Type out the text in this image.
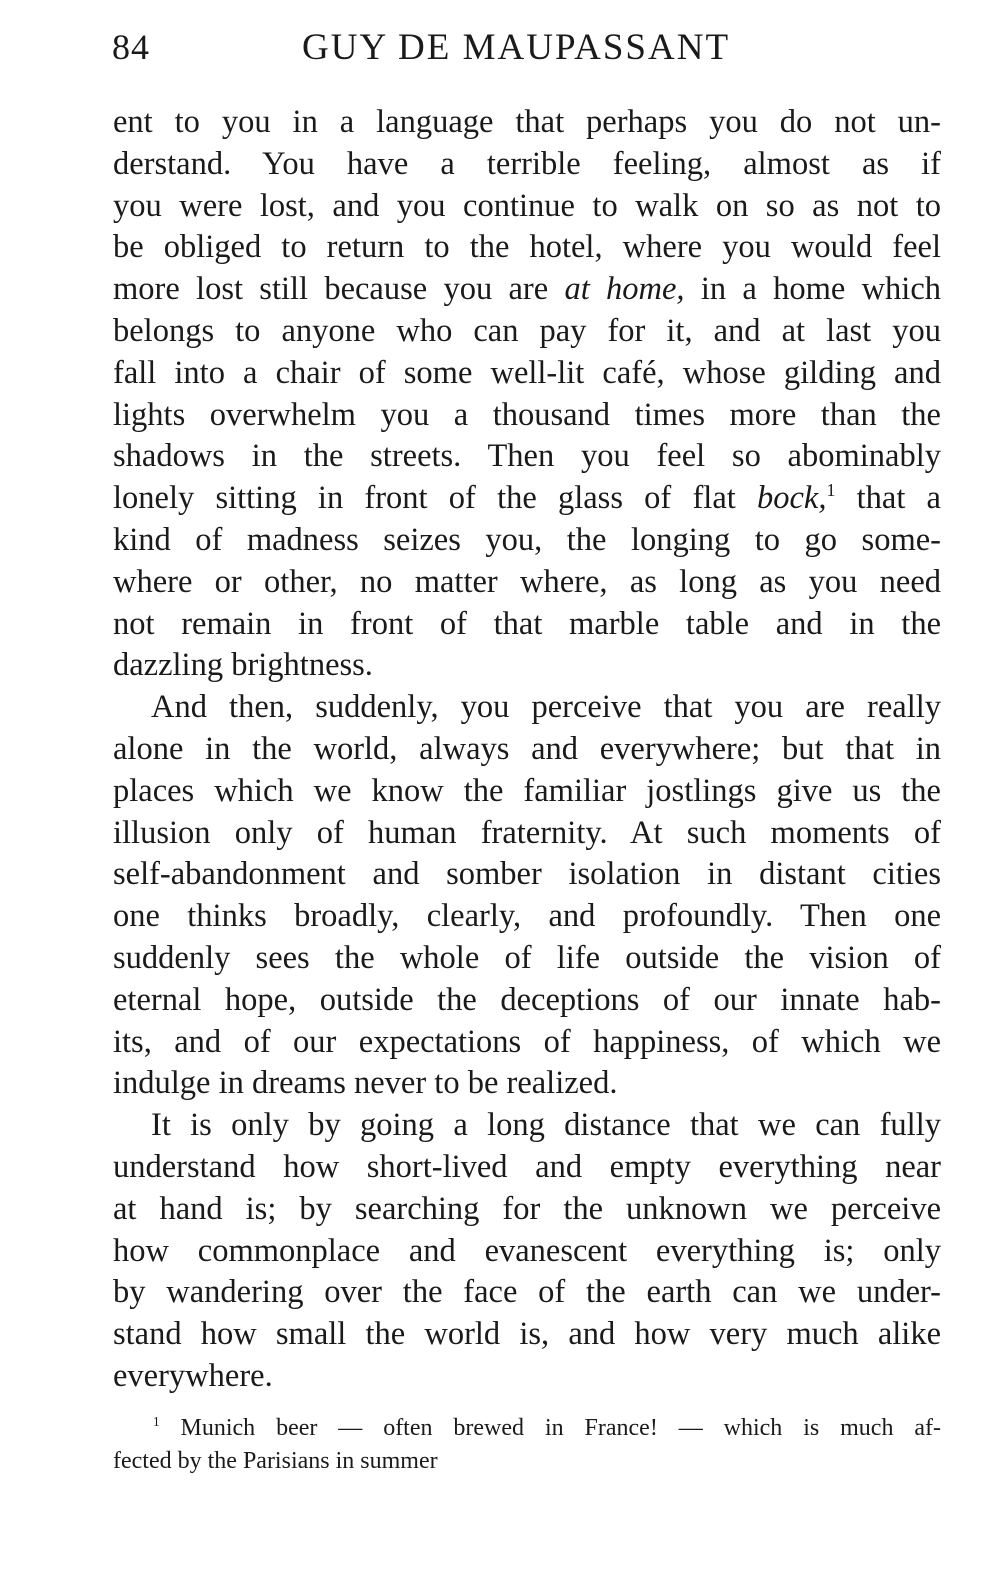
84	GUY DE MAUPASSANT
ent to you in a language that perhaps you do not un-
derstand. You have a terrible feeling, almost as if
you were lost, and you continue to walk on so as not to
be obliged to return to the hotel, where you would feel
more lost still because you are at home, in a home which
belongs to anyone who can pay for it, and at last you
fall into a chair of some well-lit café, whose gilding and
lights overwhelm you a thousand times more than the
shadows in the streets. Then you feel so abominably
lonely sitting in front of the glass of flat bock,$^1$ that a
kind of madness seizes you, the longing to go some-
where or other, no matter where, as long as you need
not remain in front of that marble table and in the
dazzling brightness.
And then, suddenly, you perceive that you are really
alone in the world, always and everywhere; but that in
places which we know the familiar jostlings give us the
illusion only of human fraternity. At such moments of
self-abandonment and somber isolation in distant cities
one thinks broadly, clearly, and profoundly. Then one
suddenly sees the whole of life outside the vision of
eternal hope, outside the deceptions of our innate hab-
its, and of our expectations of happiness, of which we
indulge in dreams never to be realized.
It is only by going a long distance that we can fully
understand how short-lived and empty everything near
at hand is; by searching for the unknown we perceive
how commonplace and evanescent everything is; only
by wandering over the face of the earth can we under-
stand how small the world is, and how very much alike
everywhere.
$^1$ Munich beer — often brewed in France! — which is much af-
fected by the Parisians in summer
